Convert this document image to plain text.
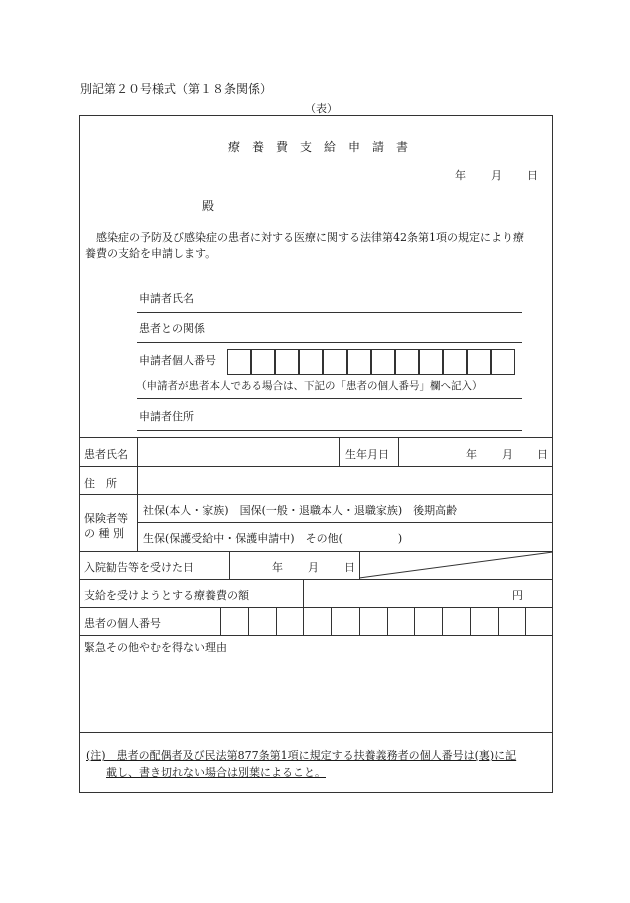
別記第２０号様式（第１８条関係）
（表）
療養費支給申請書
年 月 日
殿
感染症の予防及び感染症の患者に対する医療に関する法律第42条第1項の規定により療
養費の支給を申請します。
申請者氏名
患者との関係
申請者個人番号
（申請者が患者本人である場合は、下記の「患者の個人番号」欄へ記入）
申請者住所
患者氏名	生年月日	年 月 日
住　所
保険者等
の 種 別
社保(本人・家族)　国保(一般・退職本人・退職家族)　後期高齢
生保(保護受給中・保護申請中)　その他(　　　　　)
入院勧告等を受けた日	年 月 日
支給を受けようとする療養費の額	円
患者の個人番号
緊急その他やむを得ない理由
(注)　患者の配偶者及び民法第877条第1項に規定する扶養義務者の個人番号は(裏)に記
載し、書き切れない場合は別葉によること。
